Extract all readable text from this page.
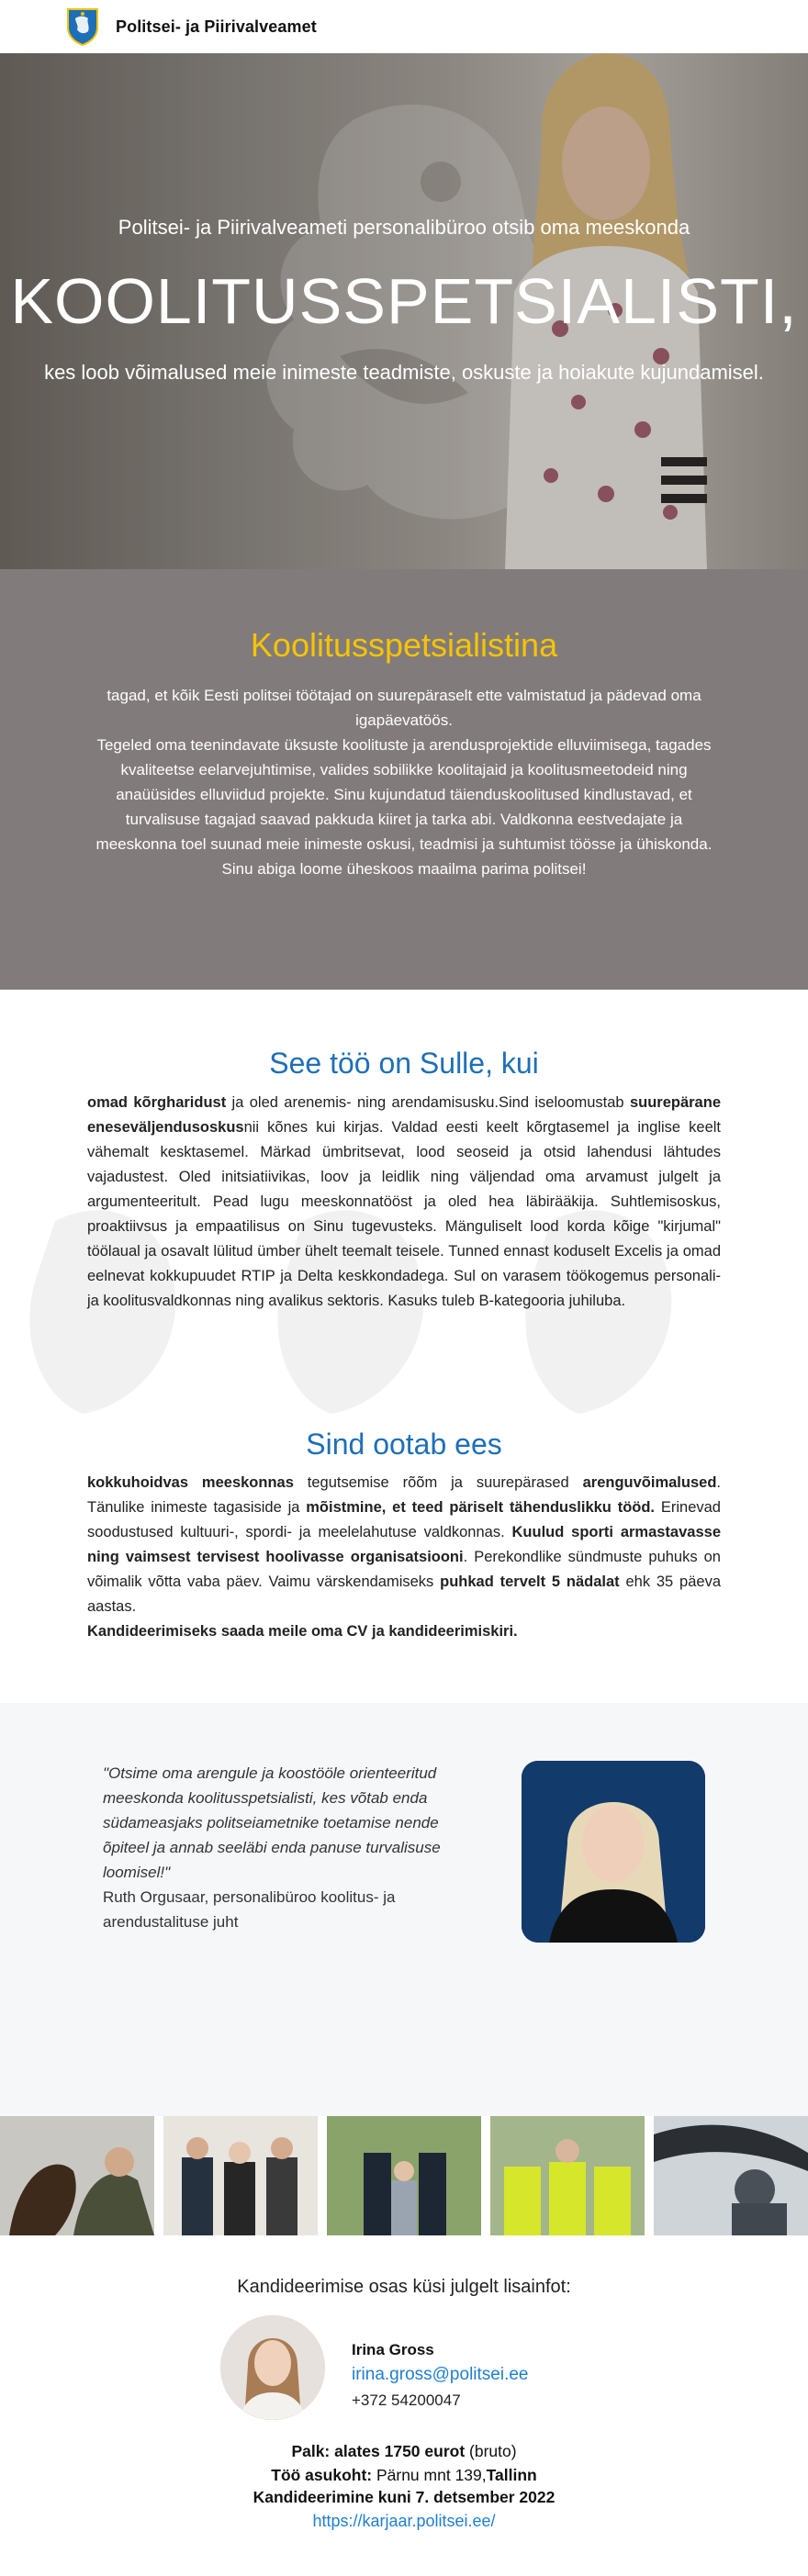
Politsei- ja Piirivalveamet
Politsei- ja Piirivalveameti personalibüroo otsib oma meeskonda
KOOLITUSSPETSIALISTI,
kes loob võimalused meie inimeste teadmiste, oskuste ja hoiakute kujundamisel.
Koolitusspetsialistina
tagad, et kõik Eesti politsei töötajad on suurepäraselt ette valmistatud ja pädevad oma igapäevatöös.
Tegeled oma teenindavate üksuste koolituste ja arendusprojektide elluviimisega, tagades kvaliteetse eelarvejuhtimise, valides sobilikke koolitajaid ja koolitusmeetodeid ning anaüüsides elluviidud projekte. Sinu kujundatud täienduskoolitused kindlustavad, et turvalisuse tagajad saavad pakkuda kiiret ja tarka abi. Valdkonna eestvedajate ja meeskonna toel suunad meie inimeste oskusi, teadmisi ja suhtumist töösse ja ühiskonda.
Sinu abiga loome üheskoos maailma parima politsei!
See töö on Sulle, kui
omad kõrgharidust ja oled arenemis- ning arendamisusku.Sind iseloomustab suurepärane eneseväljendusoskusnii kõnes kui kirjas. Valdad eesti keelt kõrgtasemel ja inglise keelt vähemalt kesktasemel. Märkad ümbritsevat, lood seoseid ja otsid lahendusi lähtudes vajadustest. Oled initsiatiivikas, loov ja leidlik ning väljendad oma arvamust julgelt ja argumenteeritult. Pead lugu meeskonnatööst ja oled hea läbirääkija. Suhtlemisoskus, proaktiivsus ja empaatilisus on Sinu tugevusteks. Mänguliselt lood korda kõige "kirjumal" töölaual ja osavalt lülitud ümber ühelt teemalt teisele. Tunned ennast koduselt Excelis ja omad eelnevat kokkupuudet RTIP ja Delta keskkondadega. Sul on varasem töökogemus personali- ja koolitusvaldkonnas ning avalikus sektoris. Kasuks tuleb B-kategooria juhiluba.
Sind ootab ees
kokkuhoidvas meeskonnas tegutsemise rõõm ja suurepärased arenguvõimalused. Tänulike inimeste tagasiside ja mõistmine, et teed päriselt tähenduslikku tööd. Erinevad soodustused kultuuri-, spordi- ja meelelahutuse valdkonnas. Kuulud sporti armastavasse ning vaimsest tervisest hoolivasse organisatsiooni. Perekondlike sündmuste puhuks on võimalik võtta vaba päev. Vaimu värskendamiseks puhkad tervelt 5 nädalat ehk 35 päeva aastas.
Kandideerimiseks saada meile oma CV ja kandideerimiskiri.
"Otsime oma arengule ja koostööle orienteeritud meeskonda koolitusspetsialisti, kes võtab enda südameasjaks politseiametnike toetamise nende õpiteel ja annab seeläbi enda panuse turvalisuse loomisel!"
Ruth Orgusaar, personalibüroo koolitus- ja arendustalituse juht
Kandideerimise osas küsi julgelt lisainfot:
Irina Gross
irina.gross@politsei.ee
+372 54200047
Palk: alates 1750 eurot (bruto)
Töö asukoht: Pärnu mnt 139,Tallinn
Kandideerimine kuni 7. detsember 2022
https://karjaar.politsei.ee/
